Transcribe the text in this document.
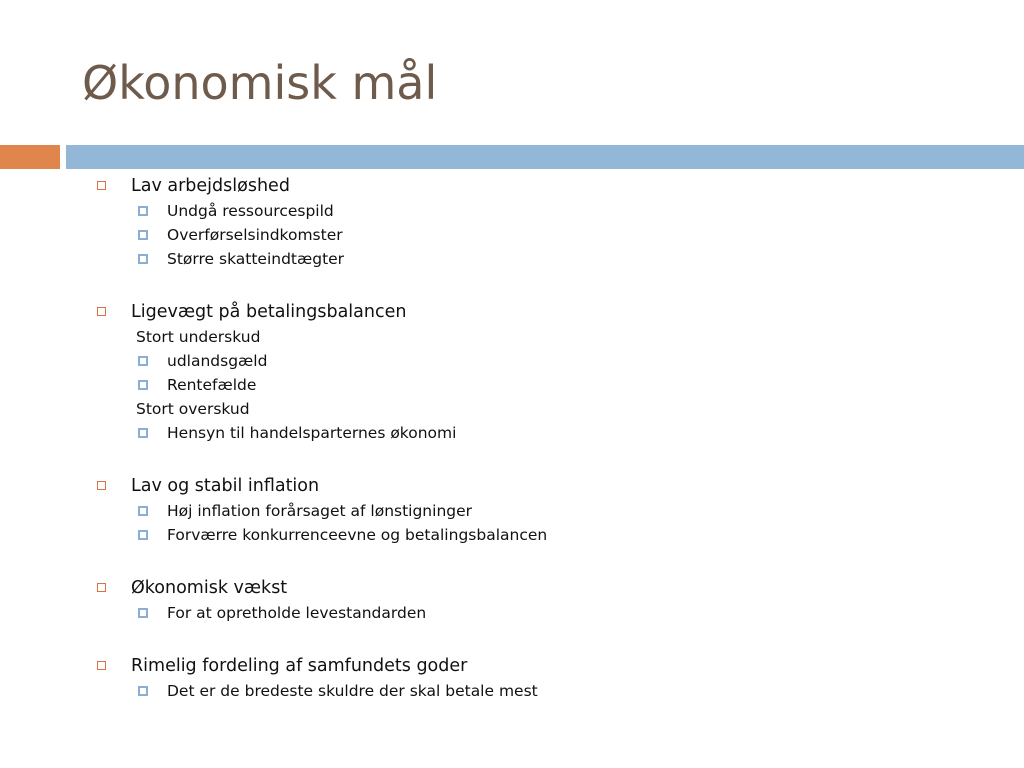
Økonomisk mål
Lav arbejdsløshed
Undgå ressourcespild
Overførselsindkomster
Større skatteindtægter
Ligevægt på betalingsbalancen
Stort underskud
udlandsgæld
Rentefælde
Stort overskud
Hensyn til handelsparternes økonomi
Lav og stabil inflation
Høj inflation forårsaget af lønstigninger
Forværre konkurrenceevne og betalingsbalancen
Økonomisk vækst
For at opretholde levestandarden
Rimelig fordeling af samfundets goder
Det er de bredeste skuldre der skal betale mest
